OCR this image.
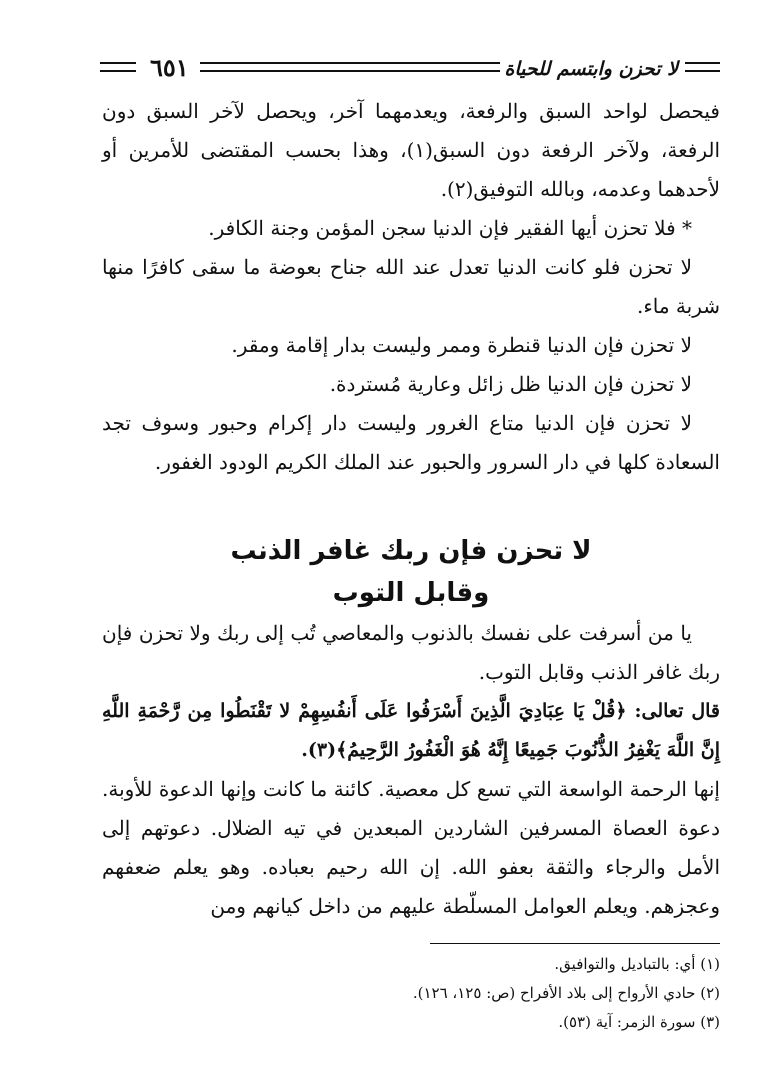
٦٥١	لا تحزن وابتسم للحياة

فيحصل لواحد السبق والرفعة، ويعدمهما آخر، ويحصل لآخر السبق دون الرفعة، ولآخر الرفعة دون السبق(١)، وهذا بحسب المقتضى للأمرين أو لأحدهما وعدمه، وبالله التوفيق(٢).

* فلا تحزن أيها الفقير فإن الدنيا سجن المؤمن وجنة الكافر.

لا تحزن فلو كانت الدنيا تعدل عند الله جناح بعوضة ما سقى كافرًا منها شربة ماء.

لا تحزن فإن الدنيا قنطرة وممر وليست بدار إقامة ومقر.

لا تحزن فإن الدنيا ظل زائل وعارية مُستردة.

لا تحزن فإن الدنيا متاع الغرور وليست دار إكرام وحبور وسوف تجد السعادة كلها في دار السرور والحبور عند الملك الكريم الودود الغفور.

لا تحزن فإن ربك غافر الذنب
وقابل التوب

يا من أسرفت على نفسك بالذنوب والمعاصي تُب إلى ربك ولا تحزن فإن ربك غافر الذنب وقابل التوب.

قال تعالى: ﴿قُلْ يَا عِبَادِيَ الَّذِينَ أَسْرَفُوا عَلَى أَنفُسِهِمْ لا تَقْنَطُوا مِن رَّحْمَةِ اللَّهِ إِنَّ اللَّهَ يَغْفِرُ الذُّنُوبَ جَمِيعًا إِنَّهُ هُوَ الْغَفُورُ الرَّحِيمُ﴾(٣).

إنها الرحمة الواسعة التي تسع كل معصية. كائنة ما كانت وإنها الدعوة للأوبة. دعوة العصاة المسرفين الشاردين المبعدين في تيه الضلال. دعوتهم إلى الأمل والرجاء والثقة بعفو الله. إن الله رحيم بعباده. وهو يعلم ضعفهم وعجزهم. ويعلم العوامل المسلّطة عليهم من داخل كيانهم ومن

(١) أي: بالتباديل والتوافيق.

(٢) حادي الأرواح إلى بلاد الأفراح (ص: ١٢٥، ١٢٦).

(٣) سورة الزمر: آية (٥٣).
